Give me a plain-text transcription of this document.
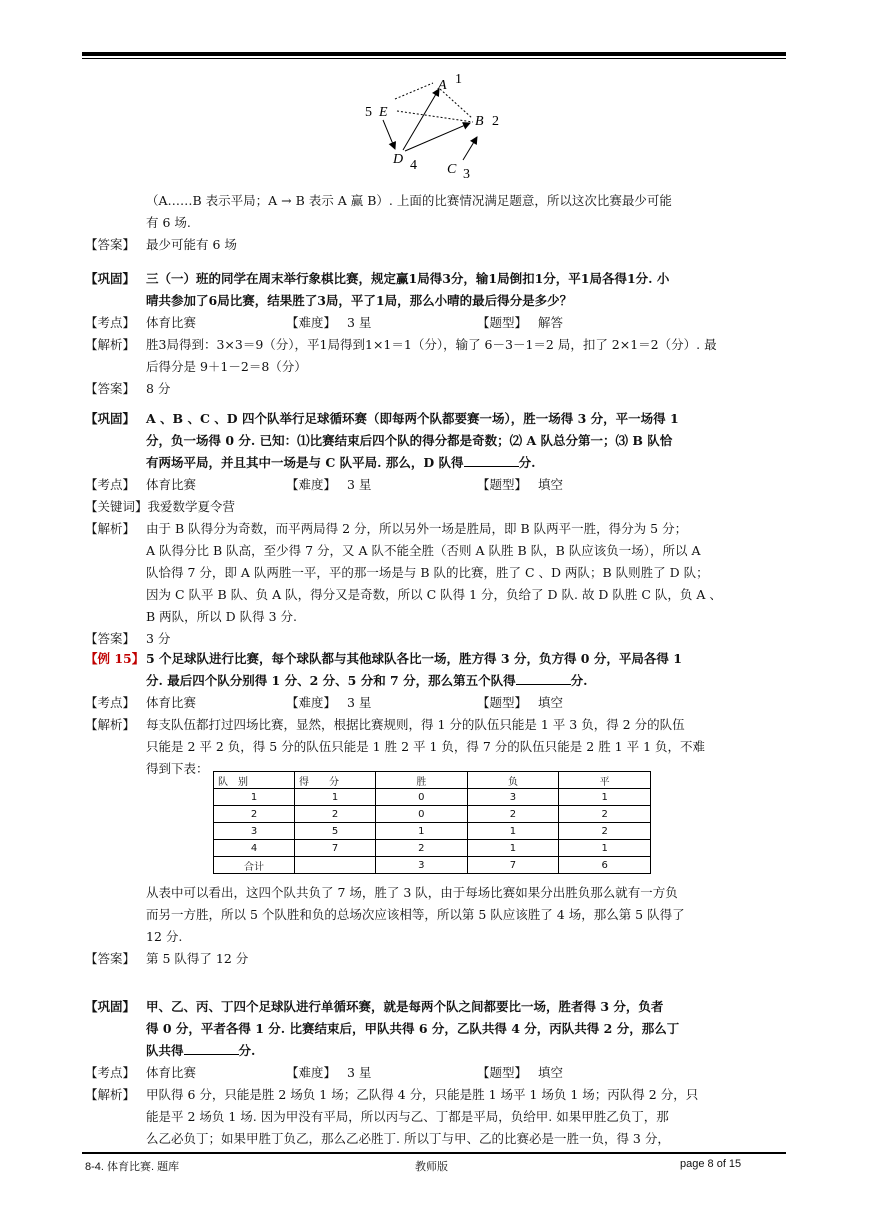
A 1
B 2
5 E
D 4 C 3
（A……B 表示平局；A → B 表示 A 赢 B）. 上面的比赛情况满足题意，所以这次比赛最少可能
有 6 场.
【答案】 最少可能有 6 场
【巩固】 三（一）班的同学在周末举行象棋比赛，规定赢1局得3分，输1局倒扣1分，平1局各得1分. 小
晴共参加了6局比赛，结果胜了3局，平了1局，那么小晴的最后得分是多少？
【考点】 体育比赛	【难度】 3 星	【题型】 解答
【解析】 胜3局得到：3×3＝9（分），平1局得到1×1＝1（分），输了 6－3－1＝2 局，扣了 2×1＝2（分）. 最
后得分是 9＋1－2＝8（分）
【答案】 8 分
【巩固】 A 、B 、C 、D 四个队举行足球循环赛（即每两个队都要赛一场），胜一场得 3 分，平一场得 1
分，负一场得 0 分. 已知：⑴比赛结束后四个队的得分都是奇数；⑵ A 队总分第一；⑶ B 队恰
有两场平局，并且其中一场是与 C 队平局. 那么，D 队得	分.
【考点】 体育比赛	【难度】 3 星	【题型】 填空
【关键词】 我爱数学夏令营
【解析】 由于 B 队得分为奇数，而平两局得 2 分，所以另外一场是胜局，即 B 队两平一胜，得分为 5 分；
A 队得分比 B 队高，至少得 7 分，又 A 队不能全胜（否则 A 队胜 B 队，B 队应该负一场），所以 A
队恰得 7 分，即 A 队两胜一平，平的那一场是与 B 队的比赛，胜了 C 、D 两队；B 队则胜了 D 队；
因为 C 队平 B 队、负 A 队，得分又是奇数，所以 C 队得 1 分，负给了 D 队. 故 D 队胜 C 队，负 A 、
B 两队，所以 D 队得 3 分.
【答案】 3 分
【例 15】 5 个足球队进行比赛，每个球队都与其他球队各比一场，胜方得 3 分，负方得 0 分，平局各得 1
分. 最后四个队分别得 1 分、2 分、5 分和 7 分，那么第五个队得	分.
【考点】 体育比赛	【难度】 3 星	【题型】 填空
【解析】 每支队伍都打过四场比赛，显然，根据比赛规则，得 1 分的队伍只能是 1 平 3 负，得 2 分的队伍
只能是 2 平 2 负，得 5 分的队伍只能是 1 胜 2 平 1 负，得 7 分的队伍只能是 2 胜 1 平 1 负，不难
得到下表：
队　别	得　　分	胜	负	平
1	1	0	3	1
2	2	0	2	2
3	5	1	1	2
4	7	2	1	1
合计		3	7	6
从表中可以看出，这四个队共负了 7 场，胜了 3 队，由于每场比赛如果分出胜负那么就有一方负
而另一方胜，所以 5 个队胜和负的总场次应该相等，所以第 5 队应该胜了 4 场，那么第 5 队得了
12 分.
【答案】 第 5 队得了 12 分
【巩固】 甲、乙、丙、丁四个足球队进行单循环赛，就是每两个队之间都要比一场，胜者得 3 分，负者
得 0 分，平者各得 1 分. 比赛结束后，甲队共得 6 分，乙队共得 4 分，丙队共得 2 分，那么丁
队共得	分.
【考点】 体育比赛	【难度】 3 星	【题型】 填空
【解析】 甲队得 6 分，只能是胜 2 场负 1 场；乙队得 4 分，只能是胜 1 场平 1 场负 1 场；丙队得 2 分，只
能是平 2 场负 1 场. 因为甲没有平局，所以丙与乙、丁都是平局，负给甲. 如果甲胜乙负丁，那
么乙必负丁；如果甲胜丁负乙，那么乙必胜丁. 所以丁与甲、乙的比赛必是一胜一负，得 3 分，
8-4. 体育比赛. 题库	教师版	page 8 of 15
